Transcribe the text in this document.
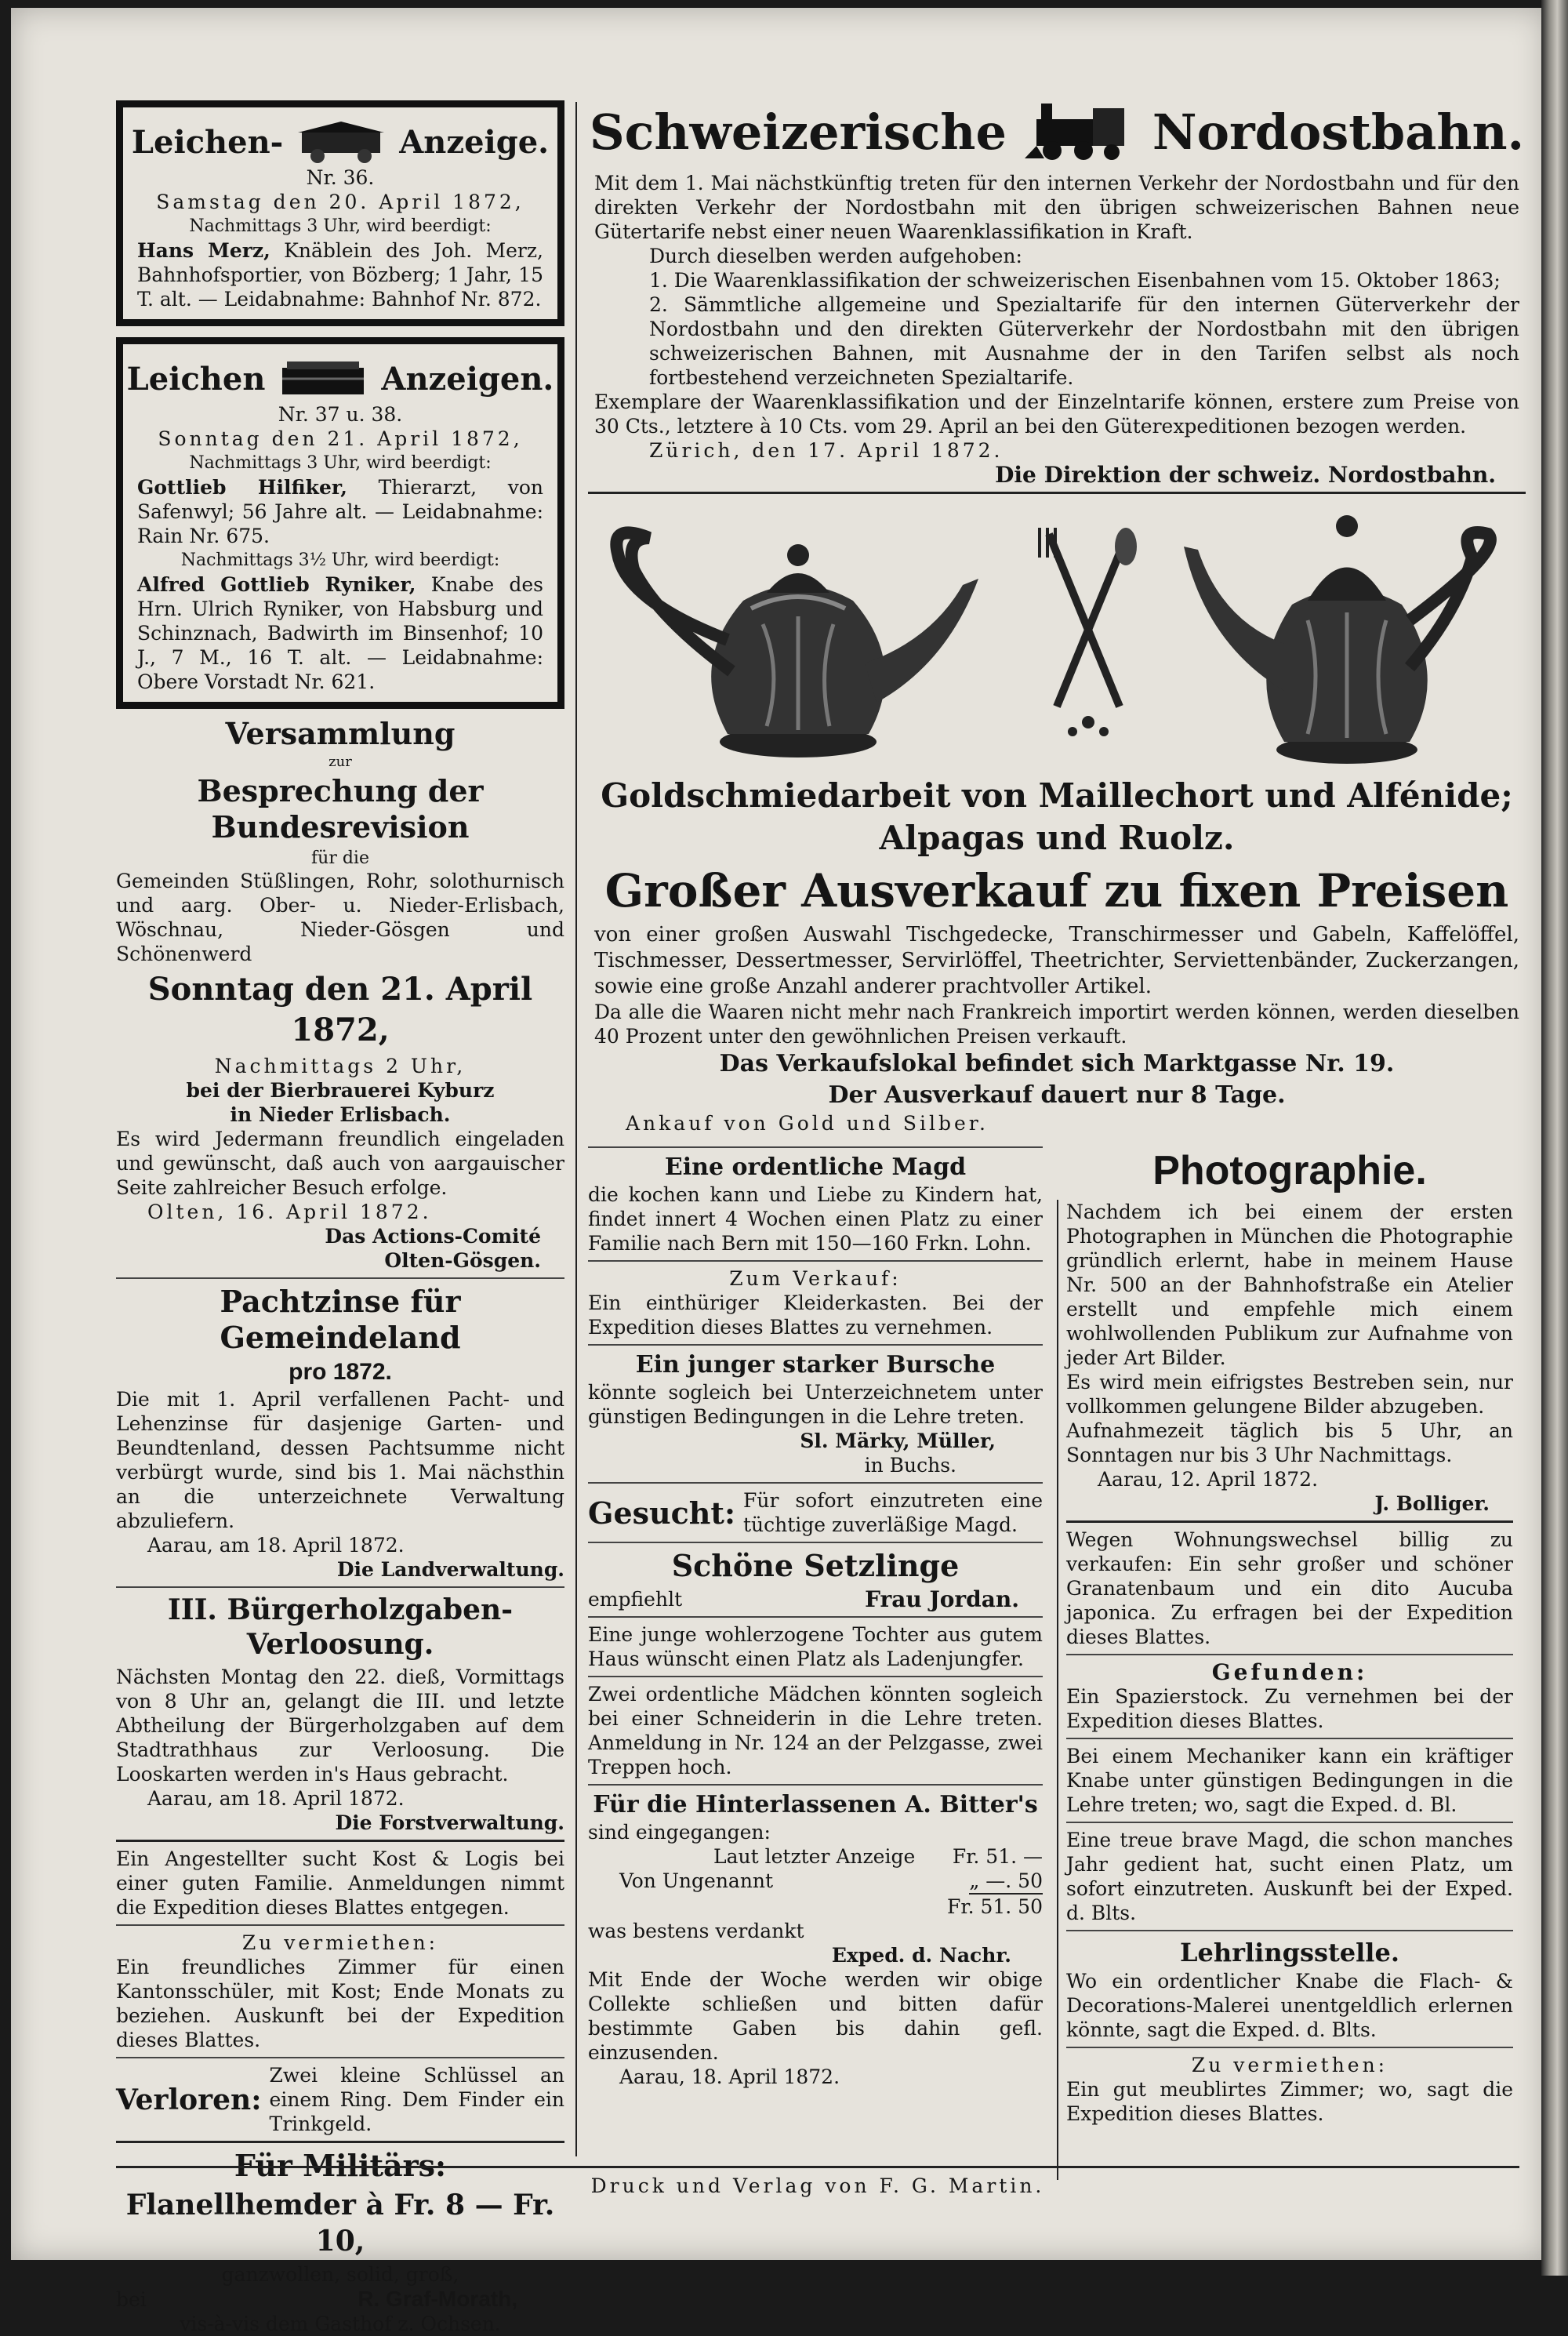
Leichen-	Anzeige.

Nr. 36.

Samstag den 20. April 1872,

Nachmittags 3 Uhr, wird beerdigt:

Hans Merz, Knäblein des Joh. Merz, Bahnhofsportier, von Bözberg; 1 Jahr, 15 T. alt. — Leidabnahme: Bahnhof Nr. 872.

Leichen	Anzeigen.

Nr. 37 u. 38.

Sonntag den 21. April 1872,

Nachmittags 3 Uhr, wird beerdigt:

Gottlieb Hilfiker, Thierarzt, von Safenwyl; 56 Jahre alt. — Leidabnahme: Rain Nr. 675.

Nachmittags 3½ Uhr, wird beerdigt:

Alfred Gottlieb Ryniker, Knabe des Hrn. Ulrich Ryniker, von Habsburg und Schinznach, Badwirth im Binsenhof; 10 J., 7 M., 16 T. alt. — Leidabnahme: Obere Vorstadt Nr. 621.

Versammlung

zur

Besprechung der Bundesrevision

für die

Gemeinden Stüßlingen, Rohr, solothurnisch und aarg. Ober- u. Nieder-Erlisbach, Wöschnau, Nieder-Gösgen und Schönenwerd

Sonntag den 21. April 1872,

Nachmittags 2 Uhr,

bei der Bierbrauerei Kyburz

in Nieder Erlisbach.

Es wird Jedermann freundlich eingeladen und gewünscht, daß auch von aargauischer Seite zahlreicher Besuch erfolge.

Olten, 16. April 1872.

Das Actions-Comité

Olten-Gösgen.

Pachtzinse für Gemeindeland
pro 1872.

Die mit 1. April verfallenen Pacht- und Lehenzinse für dasjenige Garten- und Beundtenland, dessen Pachtsumme nicht verbürgt wurde, sind bis 1. Mai nächsthin an die unterzeichnete Verwaltung abzuliefern.

Aarau, am 18. April 1872.

Die Landverwaltung.

III. Bürgerholzgaben-Verloosung.

Nächsten Montag den 22. dieß, Vormittags von 8 Uhr an, gelangt die III. und letzte Abtheilung der Bürgerholzgaben auf dem Stadtrathhaus zur Verloosung. Die Looskarten werden in's Haus gebracht.

Aarau, am 18. April 1872.

Die Forstverwaltung.

Ein Angestellter sucht Kost & Logis bei einer guten Familie. Anmeldungen nimmt die Expedition dieses Blattes entgegen.

Zu vermiethen:

Ein freundliches Zimmer für einen Kantonsschüler, mit Kost; Ende Monats zu beziehen. Auskunft bei der Expedition dieses Blattes.

Verloren:

Zwei kleine Schlüssel an einem Ring. Dem Finder ein Trinkgeld.

Für Militärs:
Flanellhemder à Fr. 8 — Fr. 10,

ganzwollen, solid, groß,

bei	R. Graf-Morath,

vis-à-vis dem Gasthof z. Ochsen.

Schweizerische	Nordostbahn.

Mit dem 1. Mai nächstkünftig treten für den internen Verkehr der Nordostbahn und für den direkten Verkehr der Nordostbahn mit den übrigen schweizerischen Bahnen neue Gütertarife nebst einer neuen Waarenklassifikation in Kraft.

Durch dieselben werden aufgehoben:

1. Die Waarenklassifikation der schweizerischen Eisenbahnen vom 15. Oktober 1863;

2. Sämmtliche allgemeine und Spezialtarife für den internen Güterverkehr der Nordostbahn und den direkten Güterverkehr der Nordostbahn mit den übrigen schweizerischen Bahnen, mit Ausnahme der in den Tarifen selbst als noch fortbestehend verzeichneten Spezialtarife.

Exemplare der Waarenklassifikation und der Einzelntarife können, erstere zum Preise von 30 Cts., letztere à 10 Cts. vom 29. April an bei den Güterexpeditionen bezogen werden.

Zürich, den 17. April 1872.

Die Direktion der schweiz. Nordostbahn.

Goldschmiedarbeit von Maillechort und Alfénide;
Alpagas und Ruolz.
Großer Ausverkauf zu fixen Preisen

von einer großen Auswahl Tischgedecke, Transchirmesser und Gabeln, Kaffelöffel, Tischmesser, Dessertmesser, Servirlöffel, Theetrichter, Serviettenbänder, Zuckerzangen, sowie eine große Anzahl anderer prachtvoller Artikel.

Da alle die Waaren nicht mehr nach Frankreich importirt werden können, werden dieselben 40 Prozent unter den gewöhnlichen Preisen verkauft.

Das Verkaufslokal befindet sich Marktgasse Nr. 19.

Der Ausverkauf dauert nur 8 Tage.

Ankauf von Gold und Silber.

Eine ordentliche Magd

die kochen kann und Liebe zu Kindern hat, findet innert 4 Wochen einen Platz zu einer Familie nach Bern mit 150—160 Frkn. Lohn.

Zum Verkauf:

Ein einthüriger Kleiderkasten. Bei der Expedition dieses Blattes zu vernehmen.

Ein junger starker Bursche

könnte sogleich bei Unterzeichnetem unter günstigen Bedingungen in die Lehre treten.

Sl. Märky, Müller,

in Buchs.

Gesucht: Für sofort einzutreten eine tüchtige zuverläßige Magd.

Schöne Setzlinge
empfiehlt	Frau Jordan.

Eine junge wohlerzogene Tochter aus gutem Haus wünscht einen Platz als Ladenjungfer.

Zwei ordentliche Mädchen könnten sogleich bei einer Schneiderin in die Lehre treten. Anmeldung in Nr. 124 an der Pelzgasse, zwei Treppen hoch.

Für die Hinterlassenen A. Bitter's

sind eingegangen:

Laut letzter Anzeige Fr. 51. —
Von Ungenannt	„ —. 50
Fr. 51. 50

was bestens verdankt

Exped. d. Nachr.

Mit Ende der Woche werden wir obige Collekte schließen und bitten dafür bestimmte Gaben bis dahin gefl. einzusenden.

Aarau, 18. April 1872.

Photographie.

Nachdem ich bei einem der ersten Photographen in München die Photographie gründlich erlernt, habe in meinem Hause Nr. 500 an der Bahnhofstraße ein Atelier erstellt und empfehle mich einem wohlwollenden Publikum zur Aufnahme von jeder Art Bilder.

Es wird mein eifrigstes Bestreben sein, nur vollkommen gelungene Bilder abzugeben.

Aufnahmezeit täglich bis 5 Uhr, an Sonntagen nur bis 3 Uhr Nachmittags.

Aarau, 12. April 1872.

J. Bolliger.

Wegen Wohnungswechsel billig zu verkaufen: Ein sehr großer und schöner Granatenbaum und ein dito Aucuba japonica. Zu erfragen bei der Expedition dieses Blattes.

Gefunden:

Ein Spazierstock. Zu vernehmen bei der Expedition dieses Blattes.

Bei einem Mechaniker kann ein kräftiger Knabe unter günstigen Bedingungen in die Lehre treten; wo, sagt die Exped. d. Bl.

Eine treue brave Magd, die schon manches Jahr gedient hat, sucht einen Platz, um sofort einzutreten. Auskunft bei der Exped. d. Blts.

Lehrlingsstelle.

Wo ein ordentlicher Knabe die Flach- & Decorations-Malerei unentgeldlich erlernen könnte, sagt die Exped. d. Blts.

Zu vermiethen:

Ein gut meublirtes Zimmer; wo, sagt die Expedition dieses Blattes.

Druck und Verlag von F. G. Martin.
